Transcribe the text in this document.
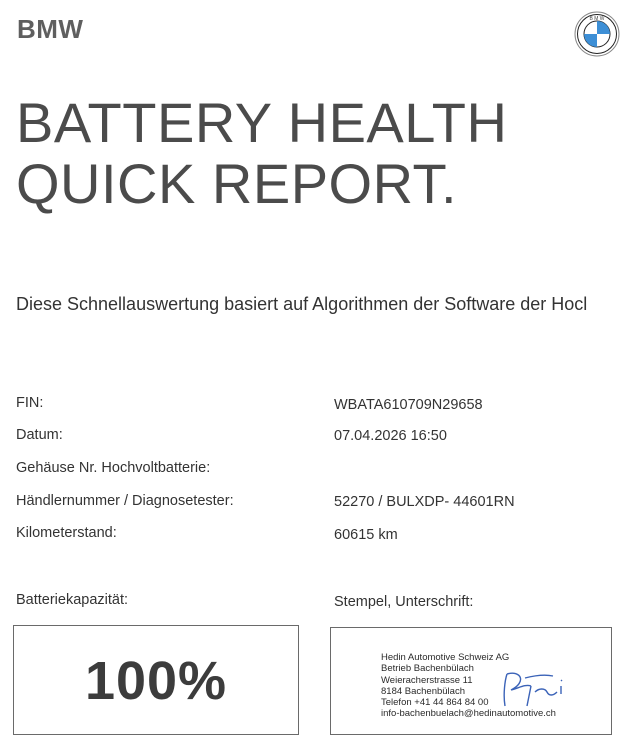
BMW	B M W
BATTERY HEALTH
QUICK REPORT.
Diese Schnellauswertung basiert auf Algorithmen der Software der Hocl
FIN:	WBATA610709N29658
Datum:	07.04.2026 16:50
Gehäuse Nr. Hochvoltbatterie:
Händlernummer / Diagnosetester:	52270 / BULXDP- 44601RN
Kilometerstand:	60615 km
Batteriekapazität:	Stempel, Unterschrift:
100%	Hedin Automotive Schweiz AG
Betrieb Bachenbülach
Weieracherstrasse 11
8184 Bachenbülach
Telefon +41 44 864 84 00
info-bachenbuelach@hedinautomotive.ch
